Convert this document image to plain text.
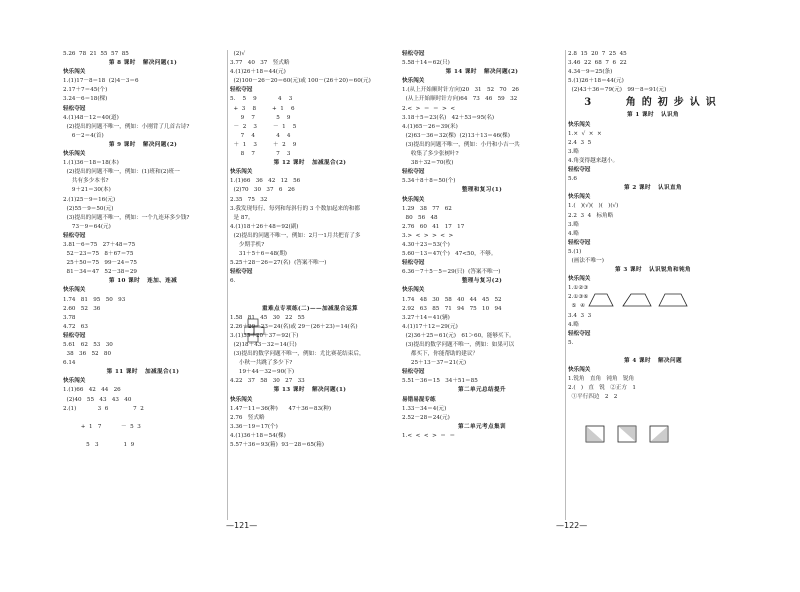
5.26  78  21  55  57  85
第 8 课时   解决问题(1)
快乐闯关
1.(1)17－8＝18  (2)4－3＝6
2.17＋7＝45(个)
3.24－6＝18(棵)
轻松夺冠
4.(1)48－12＝40(道)
(2)提出的问题不唯一，例如：小刚背了几首古诗?
6－2＝4(首)
第 9 课时   解决问题(2)
快乐闯关
1.(1)36－18＝18(本)
(2)提出的问题不唯一，例如：(1)班和(2)班一
共有多少本书?
9＋21＝30(本)
2.(1)25－9＝16(元)
(2)55－9＝50(元)
(3)提出的问题不唯一，例如：一个九连环多少钱?
73－9＝64(元)
轻松夺冠
3.81－6＝75   27＋48＝75
52－23＝75   8＋67＝75
25＋50＝75   99－24＝75
81－34＝47   52－38＝29
第 10 课时   连加、连减
快乐闯关
1.74   81   95   50   93
2.60   52   36
3.78
4.72   63
轻松夺冠
5.61   62   53   30
38   36   52   80
6.14
第 11 课时   加减混合(1)
快乐闯关
1.(1)66   42   44   26
(2)40   55   43   43   40
2.(1)            3  6              7  2
+  1   7           －  5  3
5   3              1  9
(2)√
3.77   40   37   竖式略
4.(1)26＋18＝44(元)
(2)100－26－20＝60(元)或 100－(26＋20)＝60(元)
轻松夺冠
5.    5    9            4    3
+  3    8         +  1    6
9    7            5    9
－  2    3         －  1    5
7    4            4    4
＋  1    3         ＋  2    9
8    7            7    3
第 12 课时   加减混合(2)
快乐闯关
1.(1)66   36   42   12   56
(2)70   30   37   6   26
2.35   75   32
3.我发现每行、每列和每斜行的 3 个数加起来的和都
是 87。
4.(1)18＋26＋48＝92(副)
(2)提出的问题不唯一，例如：2月一1月共把育了多
少期手机?
31＋5＋6＝48(期)
5.25＋28－26＝27(名)  (答案不唯一)
轻松夺冠
6.
重难点专项练(二)——加减混合运算
1.58   81   45   30   22   55
2.26＋29－23＝24(名)或 29－(26＋23)＝14(名)
3.(1)35＋20＋37＝92(下)
(2)18＋43－32＝14(只)
(3)提出的数学问题不唯一，例如：尤比赛花结束后，
小秋一共跳了多少下?
19＋44－32＝90(下)
4.22   37   58   30   27   33
第 13 课时   解决问题(1)
快乐闯关
1.47－11＝36(种)      47＋36＝83(种)
2.76   竖式略
3.36－19＝17(个)
4.(1)36＋18＝54(棵)
5.57＋36＝93(箱)  93－28＝65(箱)
轻松夺冠
5.58＋14＝62(只)
第 14 课时   解决问题(2)
快乐闯关
1.(从上开始顺时针方向)20   31   52   70   26
(从上开始顺时针方向)64   73   46   59   32
2.<  >  ＝  ＝  >  <
3.18＋5＝23(名)   42＋53＝95(名)
4.(1)65－26＝39(米)
(2)63－36＝32(棵)  (2)13＋13＝46(棵)
(3)提出的问题不唯一，例如：小丹和小吉一共
收集了多少张树叶?
38＋32＝70(枚)
轻松夺冠
5.34＋8＋8＝50(个)
整理和复习(1)
快乐闯关
1.29   38   77   62
80   56   48
2.76   60   41   17   17
3.>  <  >  >  <  >
4.30＋23＝53(个)
5.60－13＝47(个)   47<50，不够。
轻松夺冠
6.36－7＋5－5＝29(只)  (答案不唯一)
整理与复习(2)
快乐闯关
1.74   48   30   58   40   44   45   52
2.92   63   85   71   94   75   10   94
3.27＋14＝41(辆)
4.(1)17＋12＝29(元)
(2)36＋25＝61(元)   61＞60，能够买下。
(3)提出的数学问题不唯一，例如：如果可以
都买下，你能帮助的建议？
25＋13－37＝21(元)
轻松夺冠
5.51－36＝15   34＋51＝85
第二单元总结提升
易错易混专练
1.33－34＝4(元)
2.52－28＝24(元)
第二单元考点集训
1.<  <  <  >  ＝  ＝
2.8  15  20  7  25  45
3.46  22  68  7  6  22
4.34－9＝25(条)
5.(1)26＋18＝44(元)
(2)43＋36＝79(元)   99－8＝91(元)
3   角的初步认识
第 1 课时   认识角
快乐闯关
1.×  √  ×  ×
2.4  3  5
3.略
4.角变得越来越小。
轻松夺冠
5.6
第 2 课时   认识直角
快乐闯关
1.(   )(√)(   )(   )(√)
2.2  3  4   标角略
3.略
4.略
轻松夺冠
5.(1)
(画法不唯一)
第 3 课时   认识锐角和钝角
快乐闯关
1.①②③
2.①③⑥
⑤  ④
3.4  3  3
4.略
轻松夺冠
5.
第 4 课时   解决问题
快乐闯关
1.锐角   直角   钝角   锐角
2.(   )   直   锐   ②正方   1
①平行四边   2   2
—121—	—122—
